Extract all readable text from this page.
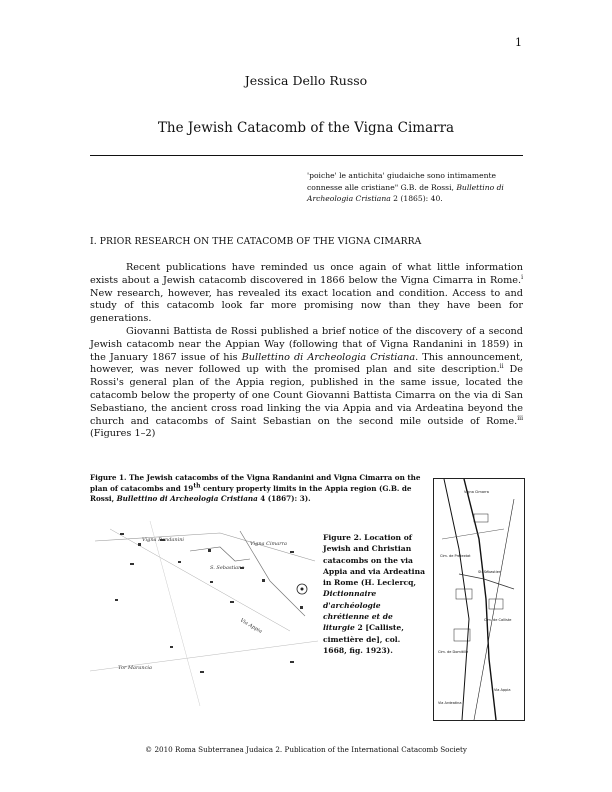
1
Jessica Dello Russo
The Jewish Catacomb of the Vigna Cimarra
'poiche' le antichita' giudaiche sono intimamente connesse alle cristiane" G.B. de Rossi, Bullettino di Archeologia Cristiana 2 (1865): 40.
I. PRIOR RESEARCH ON THE CATACOMB OF THE VIGNA CIMARRA

Recent publications have reminded us once again of what little information exists about a Jewish catacomb discovered in 1866 below the Vigna Cimarra in Rome.$^i$ New research, however, has revealed its exact location and condition. Access to and study of this catacomb look far more promising now than they have been for generations.

Giovanni Battista de Rossi published a brief notice of the discovery of a second Jewish catacomb near the Appian Way (following that of Vigna Randanini in 1859) in the January 1867 issue of his Bullettino di Archeologia Cristiana. This announcement, however, was never followed up with the promised plan and site description.$^{ii}$ De Rossi's general plan of the Appia region, published in the same issue, located the catacomb below the property of one Count Giovanni Battista Cimarra on the via di San Sebastiano, the ancient cross road linking the via Appia and via Ardeatina beyond the church and catacombs of Saint Sebastian on the second mile outside of Rome.$^{iii}$ (Figures 1–2)

Figure 1. The Jewish catacombs of the Vigna Randanini and Vigna Cimarra on the plan of catacombs and 19th century property limits in the Appia region (G.B. de Rossi, Bullettino di Archeologia Cristiana 4 (1867): 3).
Vigna Randanini
Vigna Cimarra
S. Sebastiano
Via Appia
Tor Marancia
Figure 2. Location of Jewish and Christian catacombs on the via Appia and via Ardeatina in Rome (H. Leclercq, Dictionnaire d'archéologie chrétienne et de liturgie 2 [Calliste, cimetière de], col. 1668, fig. 1923).
Vigna Cimarra
St. Sébastien
Cim. de Prétextat
Cim. de Calliste
Cim. de Domitille
Via Appia
Via Ardeatina
© 2010 Roma Subterranea Judaica 2. Publication of the International Catacomb Society
